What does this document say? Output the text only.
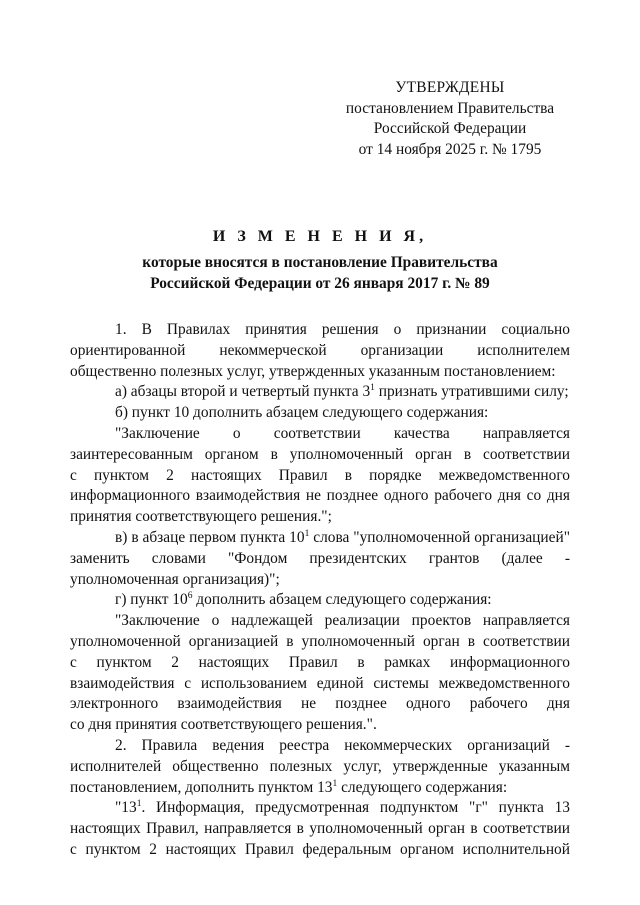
УТВЕРЖДЕНЫ
постановлением Правительства
Российской Федерации
от 14 ноября 2025 г. № 1795
И З М Е Н Е Н И Я,
которые вносятся в постановление Правительства
Российской Федерации от 26 января 2017 г. № 89

1. В Правилах принятия решения о признании социально
ориентированной некоммерческой организации исполнителем
общественно полезных услуг, утвержденных указанным постановлением:

а) абзацы второй и четвертый пункта $3^1$ признать утратившими силу;

б) пункт 10 дополнить абзацем следующего содержания:

"Заключение о соответствии качества направляется
заинтересованным органом в уполномоченный орган в соответствии
с пунктом 2 настоящих Правил в порядке межведомственного
информационного взаимодействия не позднее одного рабочего дня со дня
принятия соответствующего решения.";

в) в абзаце первом пункта $10^1$ слова "уполномоченной организацией"
заменить словами "Фондом президентских грантов (далее -
уполномоченная организация)";

г) пункт $10^6$ дополнить абзацем следующего содержания:

"Заключение о надлежащей реализации проектов направляется
уполномоченной организацией в уполномоченный орган в соответствии
с пунктом 2 настоящих Правил в рамках информационного
взаимодействия с использованием единой системы межведомственного
электронного взаимодействия не позднее одного рабочего дня
со дня принятия соответствующего решения.".

2. Правила ведения реестра некоммерческих организаций -
исполнителей общественно полезных услуг, утвержденные указанным
постановлением, дополнить пунктом $13^1$ следующего содержания:

"$13^1$. Информация, предусмотренная подпунктом "г" пункта 13
настоящих Правил, направляется в уполномоченный орган в соответствии
с пунктом 2 настоящих Правил федеральным органом исполнительной
